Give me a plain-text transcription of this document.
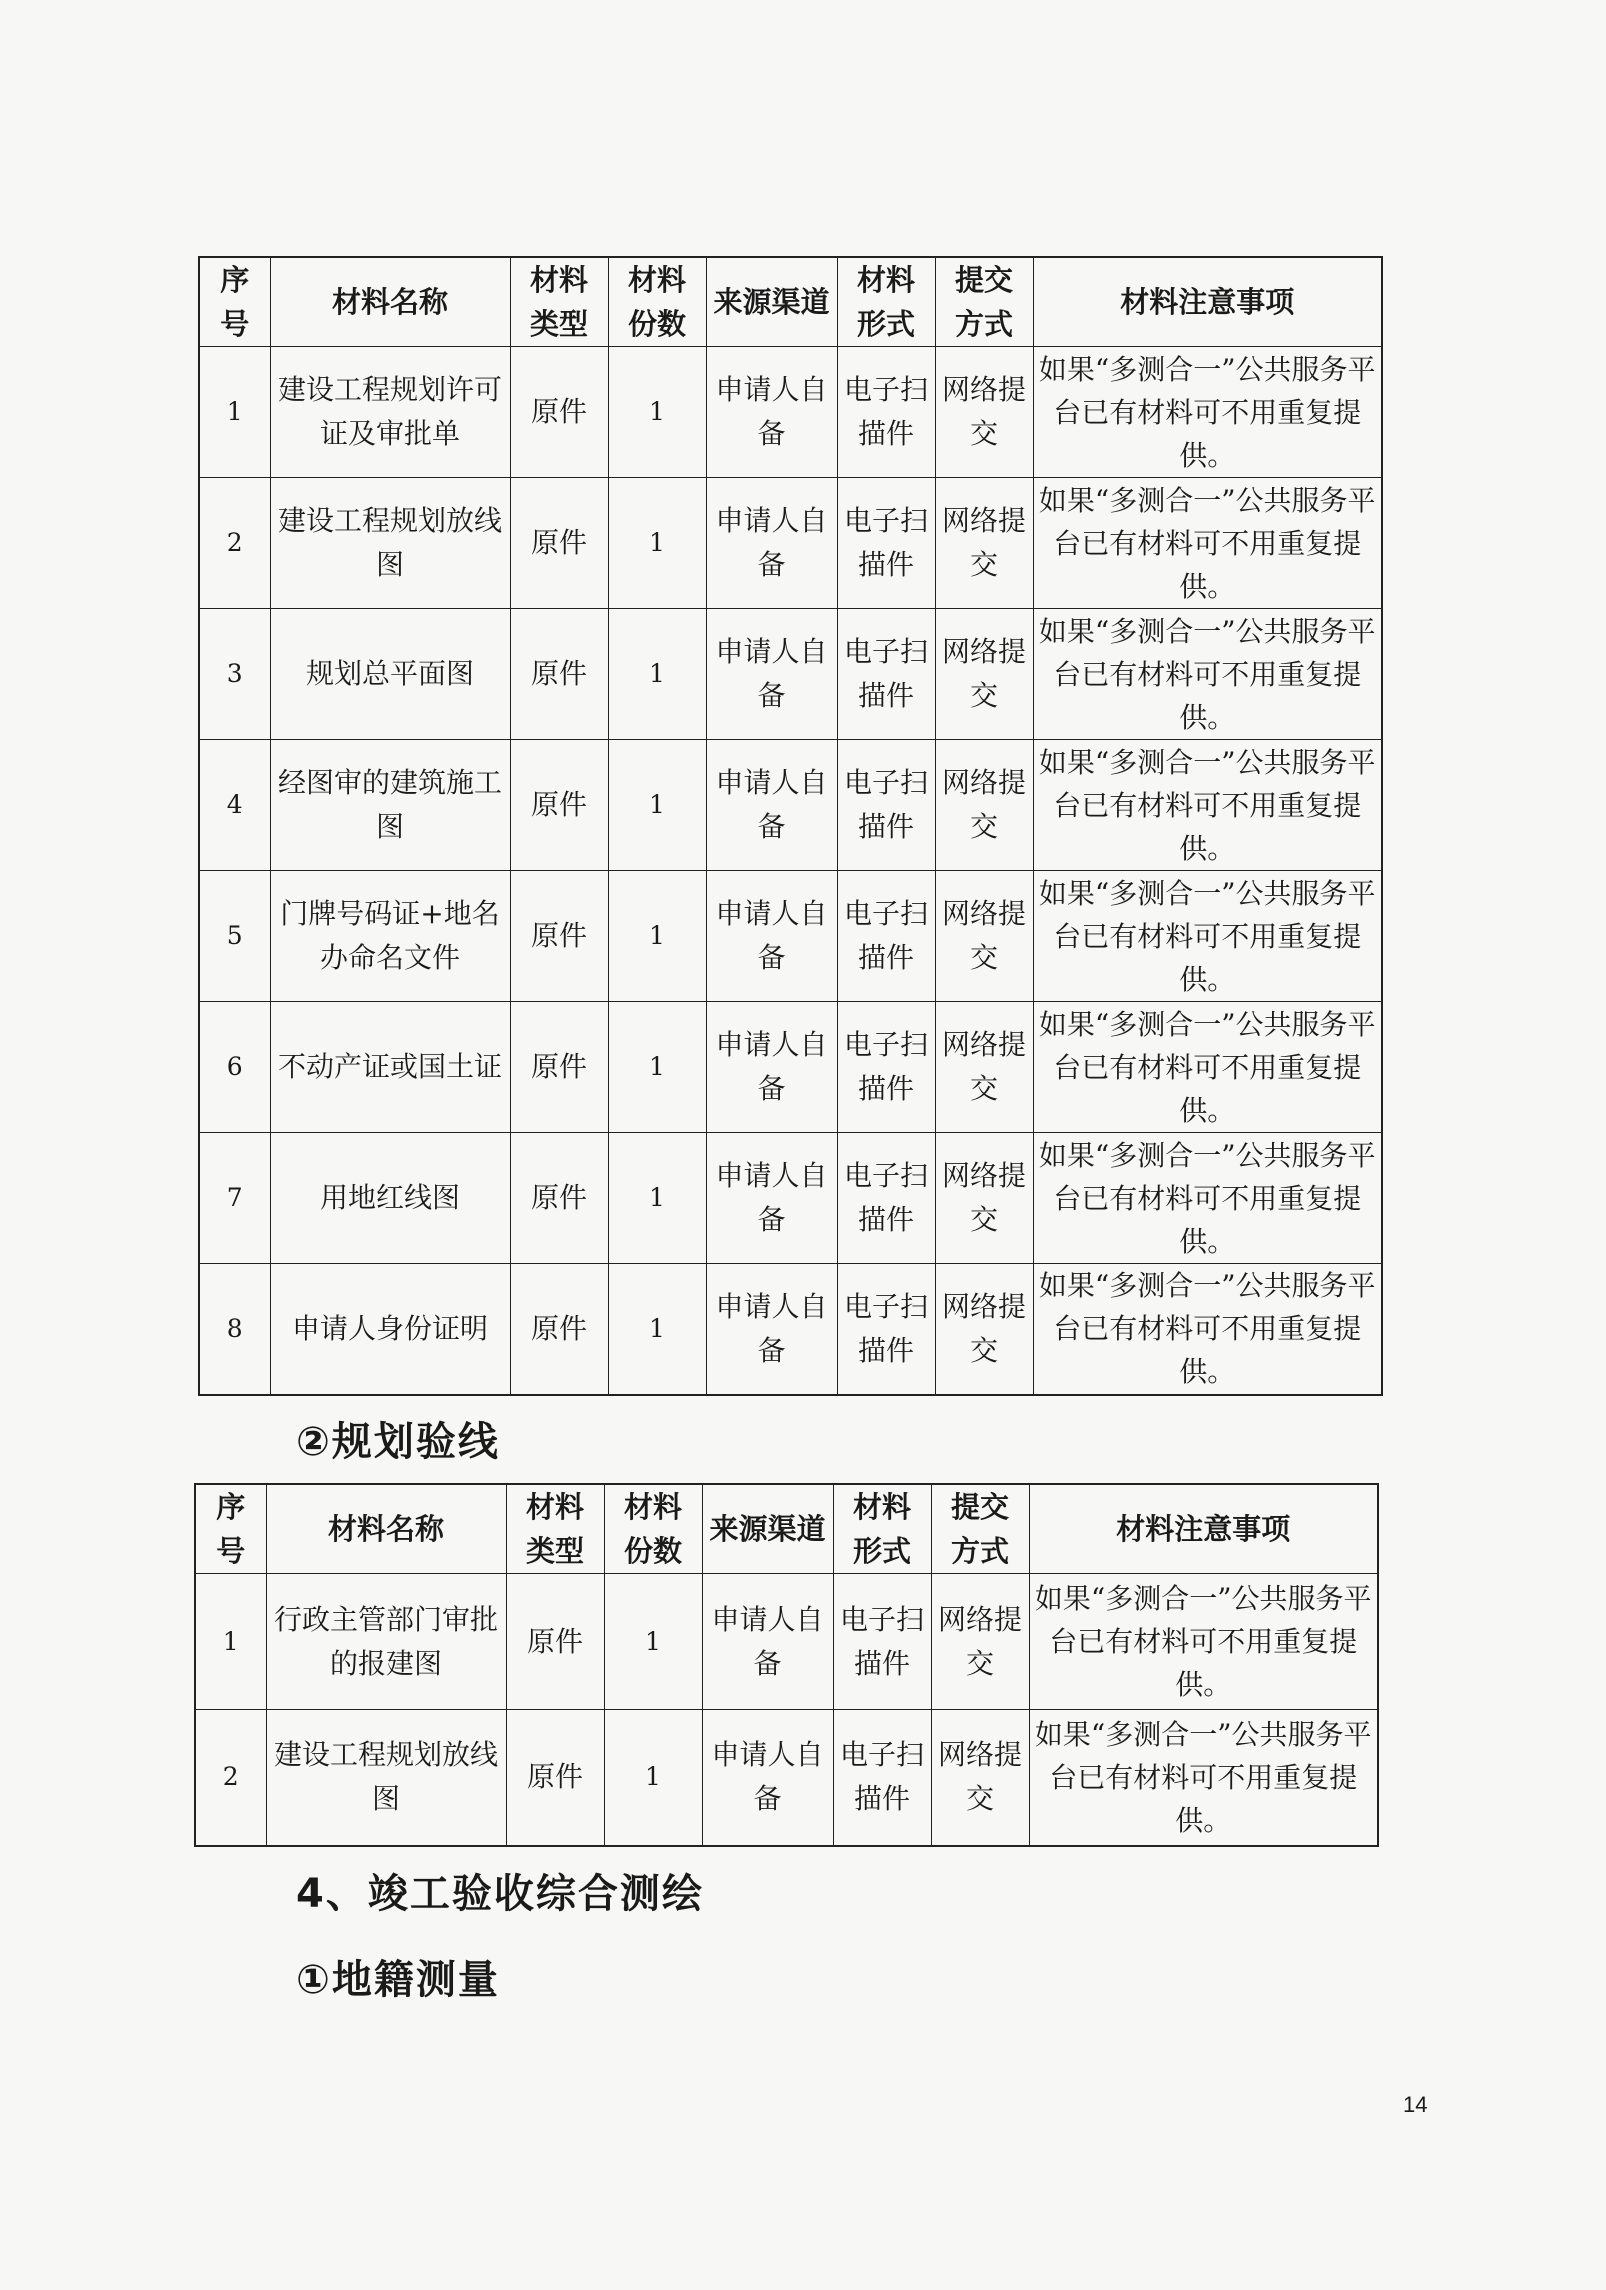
序号	材料名称	材料类型	材料份数	来源渠道	材料形式	提交方式	材料注意事项
1	建设工程规划许可证及审批单	原件	1	申请人自备	电子扫描件	网络提交	如果“多测合一”公共服务平台已有材料可不用重复提供。
2	建设工程规划放线图	原件	1	申请人自备	电子扫描件	网络提交	如果“多测合一”公共服务平台已有材料可不用重复提供。
3	规划总平面图	原件	1	申请人自备	电子扫描件	网络提交	如果“多测合一”公共服务平台已有材料可不用重复提供。
4	经图审的建筑施工图	原件	1	申请人自备	电子扫描件	网络提交	如果“多测合一”公共服务平台已有材料可不用重复提供。
5	门牌号码证+地名办命名文件	原件	1	申请人自备	电子扫描件	网络提交	如果“多测合一”公共服务平台已有材料可不用重复提供。
6	不动产证或国土证	原件	1	申请人自备	电子扫描件	网络提交	如果“多测合一”公共服务平台已有材料可不用重复提供。
7	用地红线图	原件	1	申请人自备	电子扫描件	网络提交	如果“多测合一”公共服务平台已有材料可不用重复提供。
8	申请人身份证明	原件	1	申请人自备	电子扫描件	网络提交	如果“多测合一”公共服务平台已有材料可不用重复提供。
②规划验线
序号	材料名称	材料类型	材料份数	来源渠道	材料形式	提交方式	材料注意事项
1	行政主管部门审批的报建图	原件	1	申请人自备	电子扫描件	网络提交	如果“多测合一”公共服务平台已有材料可不用重复提供。
2	建设工程规划放线图	原件	1	申请人自备	电子扫描件	网络提交	如果“多测合一”公共服务平台已有材料可不用重复提供。
4、竣工验收综合测绘
①地籍测量
14
